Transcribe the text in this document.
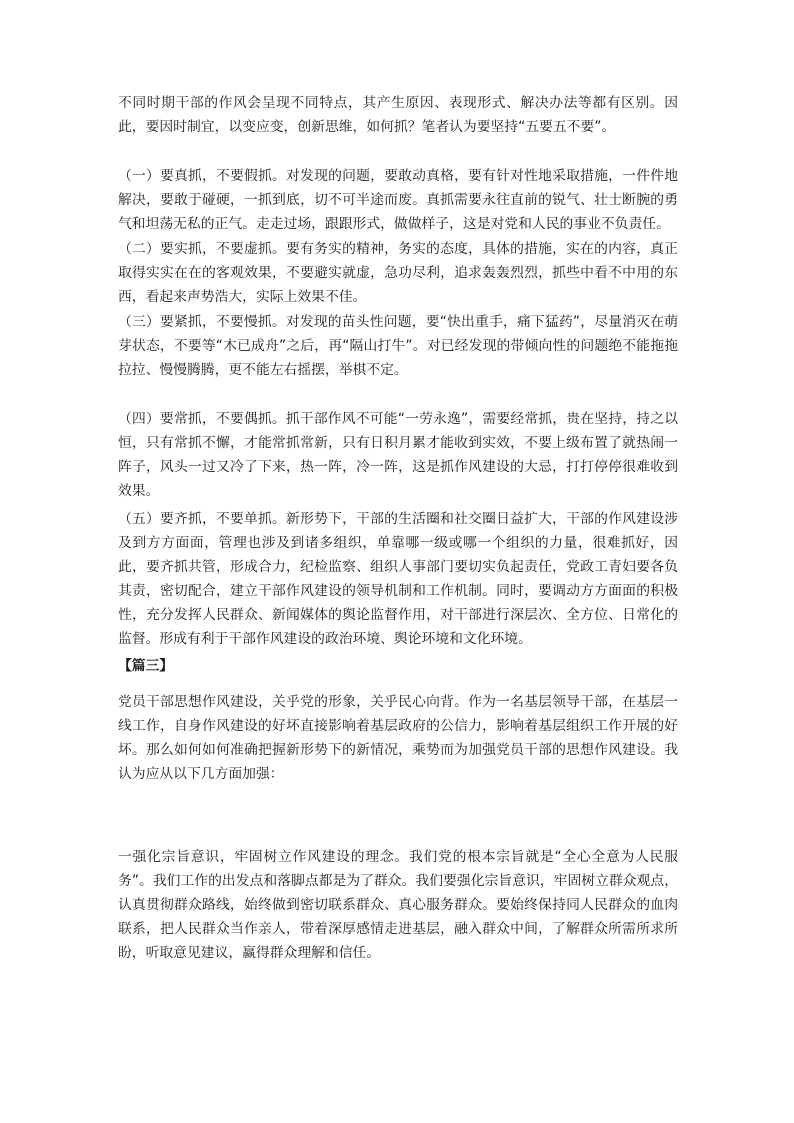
不同时期干部的作风会呈现不同特点，其产生原因、表现形式、解决办法等都有区别。因此，要因时制宜，以变应变，创新思维，如何抓？笔者认为要坚持“五要五不要”。

（一）要真抓，不要假抓。对发现的问题，要敢动真格，要有针对性地采取措施，一件件地解决，要敢于碰硬，一抓到底，切不可半途而废。真抓需要永往直前的锐气、壮士断腕的勇气和坦荡无私的正气。走走过场，跟跟形式，做做样子，这是对党和人民的事业不负责任。

（二）要实抓，不要虚抓。要有务实的精神，务实的态度，具体的措施，实在的内容，真正取得实实在在的客观效果，不要避实就虚，急功尽利，追求轰轰烈烈，抓些中看不中用的东西，看起来声势浩大，实际上效果不佳。

（三）要紧抓，不要慢抓。对发现的苗头性问题，要“快出重手，痛下猛药”，尽量消灭在萌芽状态，不要等“木已成舟”之后，再“隔山打牛”。对已经发现的带倾向性的问题绝不能拖拖拉拉、慢慢腾腾，更不能左右摇摆，举棋不定。

（四）要常抓，不要偶抓。抓干部作风不可能“一劳永逸”，需要经常抓，贵在坚持，持之以恒，只有常抓不懈，才能常抓常新，只有日积月累才能收到实效，不要上级布置了就热闹一阵子，风头一过又冷了下来，热一阵，冷一阵，这是抓作风建设的大忌，打打停停很难收到效果。

（五）要齐抓，不要单抓。新形势下，干部的生活圈和社交圈日益扩大，干部的作风建设涉及到方方面面，管理也涉及到诸多组织，单靠哪一级或哪一个组织的力量，很难抓好，因此，要齐抓共管，形成合力，纪检监察、组织人事部门要切实负起责任，党政工青妇要各负其责，密切配合，建立干部作风建设的领导机制和工作机制。同时，要调动方方面面的积极性，充分发挥人民群众、新闻媒体的舆论监督作用，对干部进行深层次、全方位、日常化的监督。形成有利于干部作风建设的政治环境、舆论环境和文化环境。

【篇三】

党员干部思想作风建设，关乎党的形象，关乎民心向背。作为一名基层领导干部，在基层一线工作，自身作风建设的好坏直接影响着基层政府的公信力，影响着基层组织工作开展的好坏。那么如何如何准确把握新形势下的新情况，乘势而为加强党员干部的思想作风建设。我认为应从以下几方面加强：

一强化宗旨意识，牢固树立作风建设的理念。我们党的根本宗旨就是“全心全意为人民服务”。我们工作的出发点和落脚点都是为了群众。我们要强化宗旨意识，牢固树立群众观点，认真贯彻群众路线，始终做到密切联系群众、真心服务群众。要始终保持同人民群众的血肉联系，把人民群众当作亲人，带着深厚感情走进基层，融入群众中间，了解群众所需所求所盼，听取意见建议，赢得群众理解和信任。
